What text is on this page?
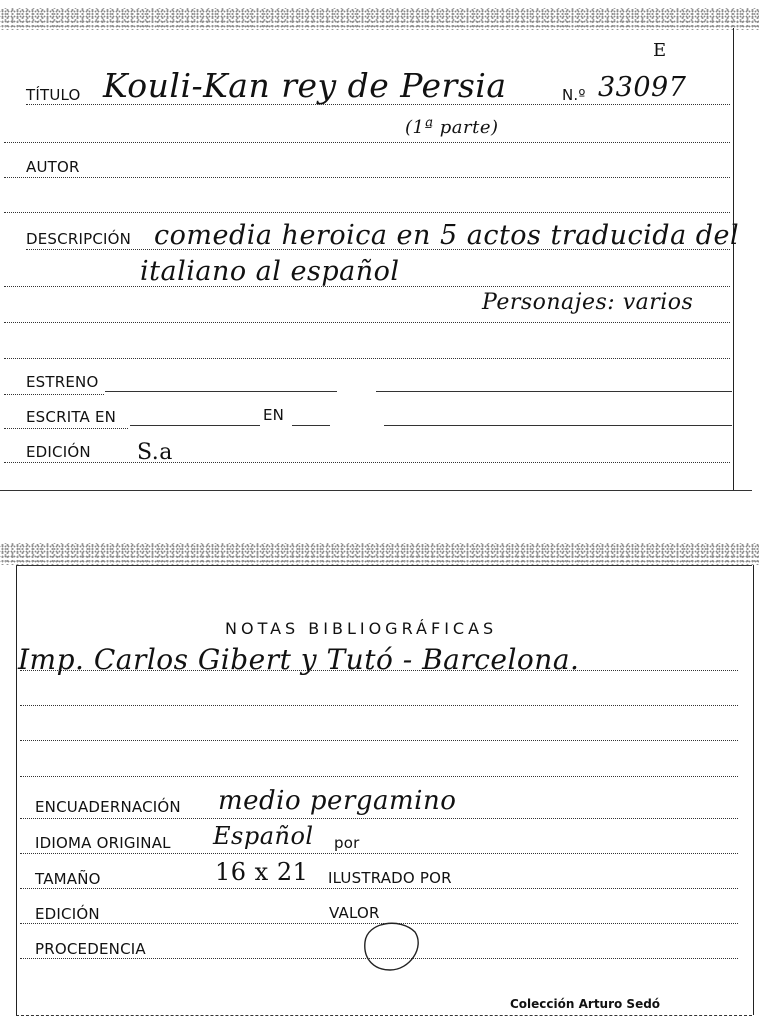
TÍTULO Kouli-Kan rey de Persia	N.º 33097
E
(1ª parte)
AUTOR
DESCRIPCIÓN comedia heroica en 5 actos traducida del
italiano al español
Personajes: varios
ESTRENO
ESCRITA EN	EN
EDICIÓN S.a
NOTAS BIBLIOGRÁFICAS
Imp. Carlos Gibert y Tutó - Barcelona.
ENCUADERNACIÓN medio pergamino
IDIOMA ORIGINAL Español por
TAMAÑO	16 x 21 ILUSTRADO POR
EDICIÓN	VALOR
PROCEDENCIA
Colección Arturo Sedó
